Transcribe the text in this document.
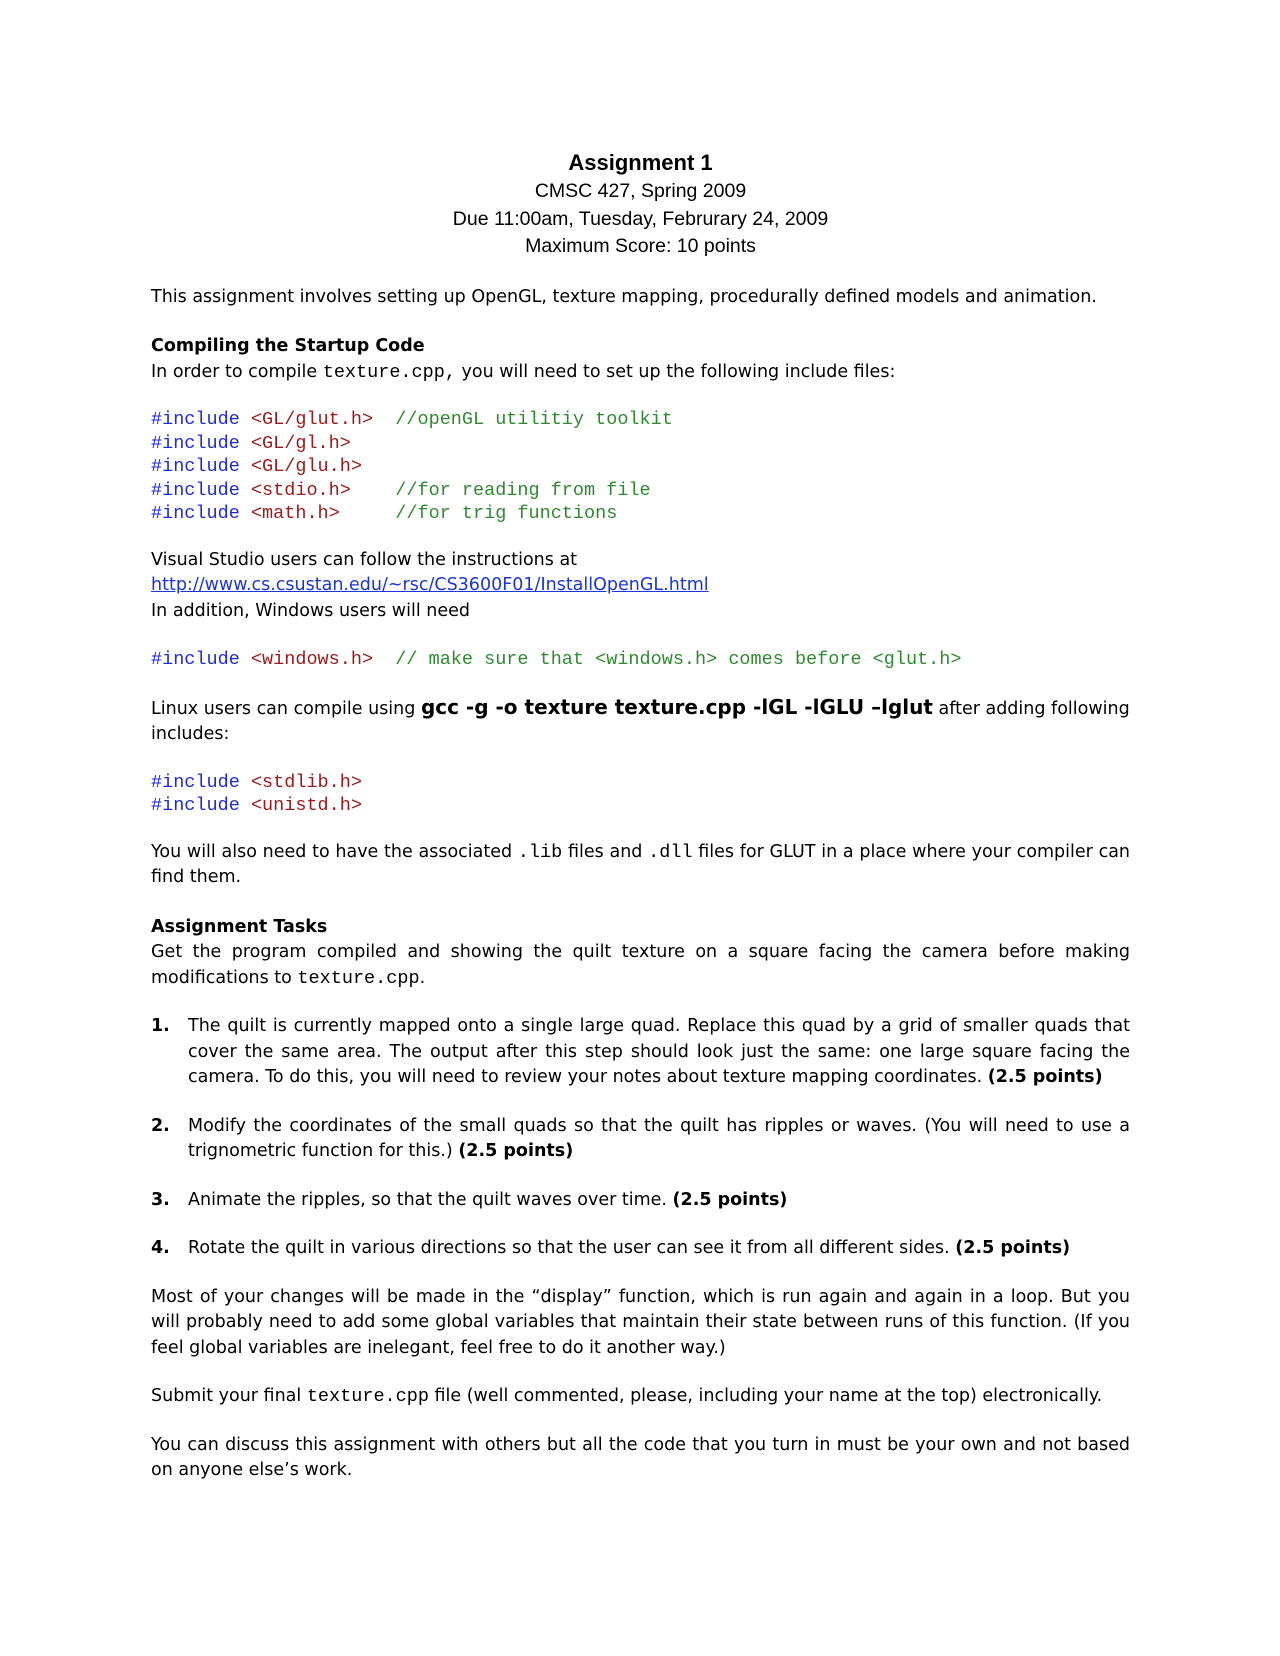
Assignment 1
CMSC 427, Spring 2009
Due 11:00am, Tuesday, Februrary 24, 2009
Maximum Score: 10 points

This assignment involves setting up OpenGL, texture mapping, procedurally defined models and animation.

Compiling the Startup Code

In order to compile texture.cpp, you will need to set up the following include files:

#include <GL/glut.h> //openGL utilitiy toolkit
#include <GL/gl.h>
#include <GL/glu.h>
#include <stdio.h> //for reading from file
#include <math.h>	//for trig functions

Visual Studio users can follow the instructions at http://www.cs.csustan.edu/~rsc/CS3600F01/InstallOpenGL.html

In addition, Windows users will need

#include <windows.h> // make sure that <windows.h> comes before <glut.h>

Linux users can compile using gcc -g -o texture texture.cpp -lGL -lGLU –lglut after adding following includes:

#include <stdlib.h>
#include <unistd.h>

You will also need to have the associated .lib files and .dll files for GLUT in a place where your compiler can find them.

Assignment Tasks

Get the program compiled and showing the quilt texture on a square facing the camera before making modifications to texture.cpp.

1.	The quilt is currently mapped onto a single large quad. Replace this quad by a grid of smaller quads that cover the same area. The output after this step should look just the same: one large square facing the camera. To do this, you will need to review your notes about texture mapping coordinates. (2.5 points)
2.	Modify the coordinates of the small quads so that the quilt has ripples or waves. (You will need to use a trignometric function for this.) (2.5 points)
3.	Animate the ripples, so that the quilt waves over time. (2.5 points)
4.	Rotate the quilt in various directions so that the user can see it from all different sides. (2.5 points)

Most of your changes will be made in the “display” function, which is run again and again in a loop. But you will probably need to add some global variables that maintain their state between runs of this function. (If you feel global variables are inelegant, feel free to do it another way.)

Submit your final texture.cpp file (well commented, please, including your name at the top) electronically.

You can discuss this assignment with others but all the code that you turn in must be your own and not based on anyone else’s work.
